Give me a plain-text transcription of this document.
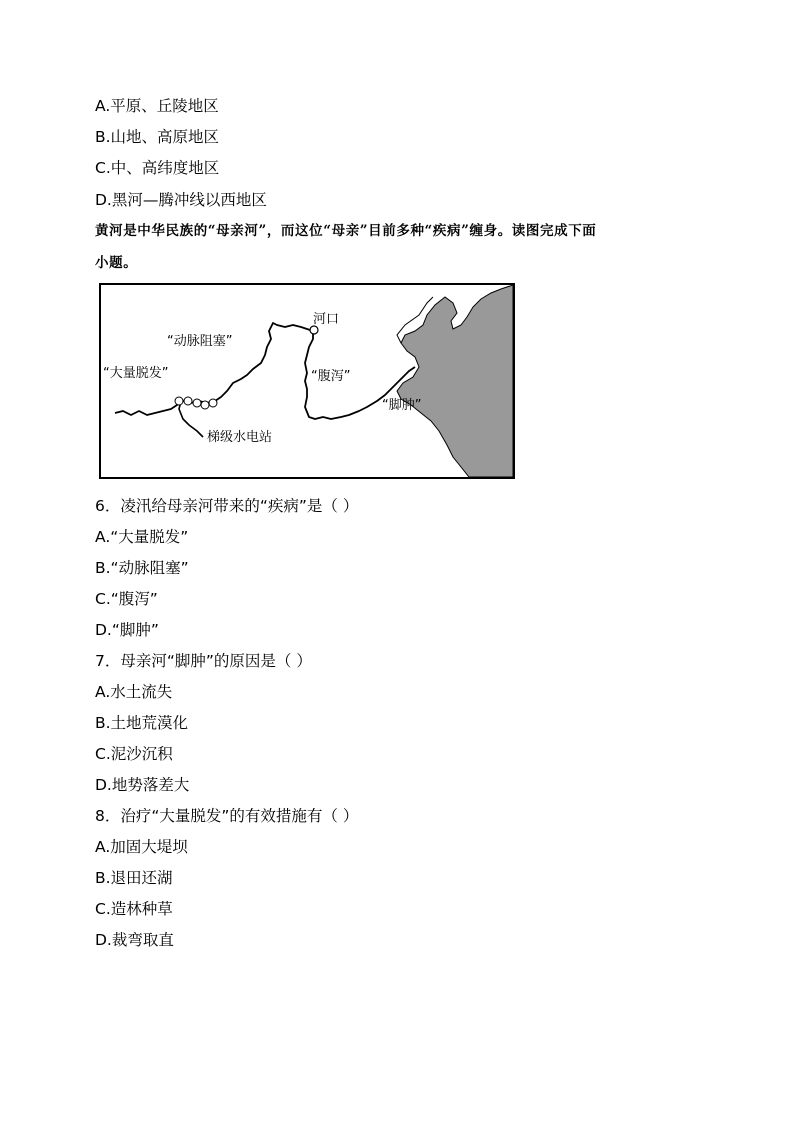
A.平原、丘陵地区
B.山地、高原地区
C.中、高纬度地区
D.黑河—腾冲线以西地区
黄河是中华民族的“母亲河”，而这位“母亲”目前多种“疾病”缠身。读图完成下面
小题。
河口
“动脉阻塞”
“大量脱发”	“腹泻”
“脚肿”
梯级水电站
6．凌汛给母亲河带来的“疾病”是（ ）
A.“大量脱发”
B.“动脉阻塞”
C.“腹泻”
D.“脚肿”
7．母亲河“脚肿”的原因是（ ）
A.水土流失
B.土地荒漠化
C.泥沙沉积
D.地势落差大
8．治疗“大量脱发”的有效措施有（ ）
A.加固大堤坝
B.退田还湖
C.造林种草
D.裁弯取直
